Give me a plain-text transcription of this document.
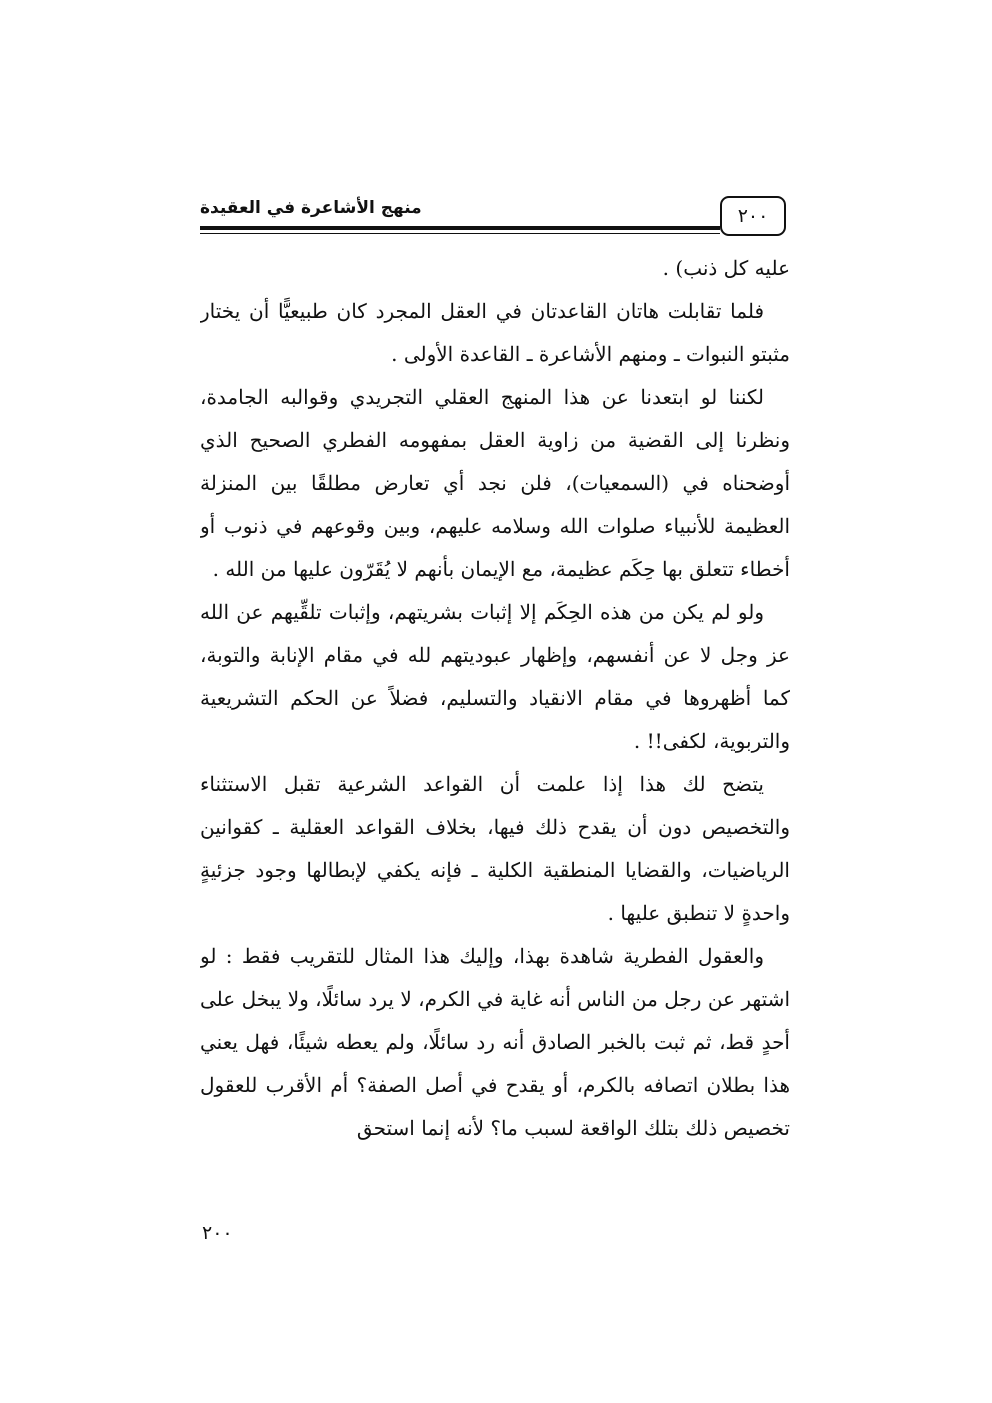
٢٠٠
منهج الأشاعرة في العقيدة

عليه كل ذنب) .

فلما تقابلت هاتان القاعدتان في العقل المجرد كان طبيعيًّا أن يختار مثبتو النبوات ـ ومنهم الأشاعرة ـ القاعدة الأولى .

لكننا لو ابتعدنا عن هذا المنهج العقلي التجريدي وقوالبه الجامدة، ونظرنا إلى القضية من زاوية العقل بمفهومه الفطري الصحيح الذي أوضحناه في (السمعيات)، فلن نجد أي تعارض مطلقًا بين المنزلة العظيمة للأنبياء صلوات الله وسلامه عليهم، وبين وقوعهم في ذنوب أو أخطاء تتعلق بها حِكَم عظيمة، مع الإيمان بأنهم لا يُقَرّون عليها من الله .

ولو لم يكن من هذه الحِكَم إلا إثبات بشريتهم، وإثبات تلقِّيهم عن الله عز وجل لا عن أنفسهم، وإظهار عبوديتهم لله في مقام الإنابة والتوبة، كما أظهروها في مقام الانقياد والتسليم، فضلاً عن الحكم التشريعية والتربوية، لكفى!! .

يتضح لك هذا إذا علمت أن القواعد الشرعية تقبل الاستثناء والتخصيص دون أن يقدح ذلك فيها، بخلاف القواعد العقلية ـ كقوانين الرياضيات، والقضايا المنطقية الكلية ـ فإنه يكفي لإبطالها وجود جزئيةٍ واحدةٍ لا تنطبق عليها .

والعقول الفطرية شاهدة بهذا، وإليك هذا المثال للتقريب فقط : لو اشتهر عن رجل من الناس أنه غاية في الكرم، لا يرد سائلًا، ولا يبخل على أحدٍ قط، ثم ثبت بالخبر الصادق أنه رد سائلًا، ولم يعطه شيئًا، فهل يعني هذا بطلان اتصافه بالكرم، أو يقدح في أصل الصفة؟ أم الأقرب للعقول تخصيص ذلك بتلك الواقعة لسبب ما؟ لأنه إنما استحق

٢٠٠
